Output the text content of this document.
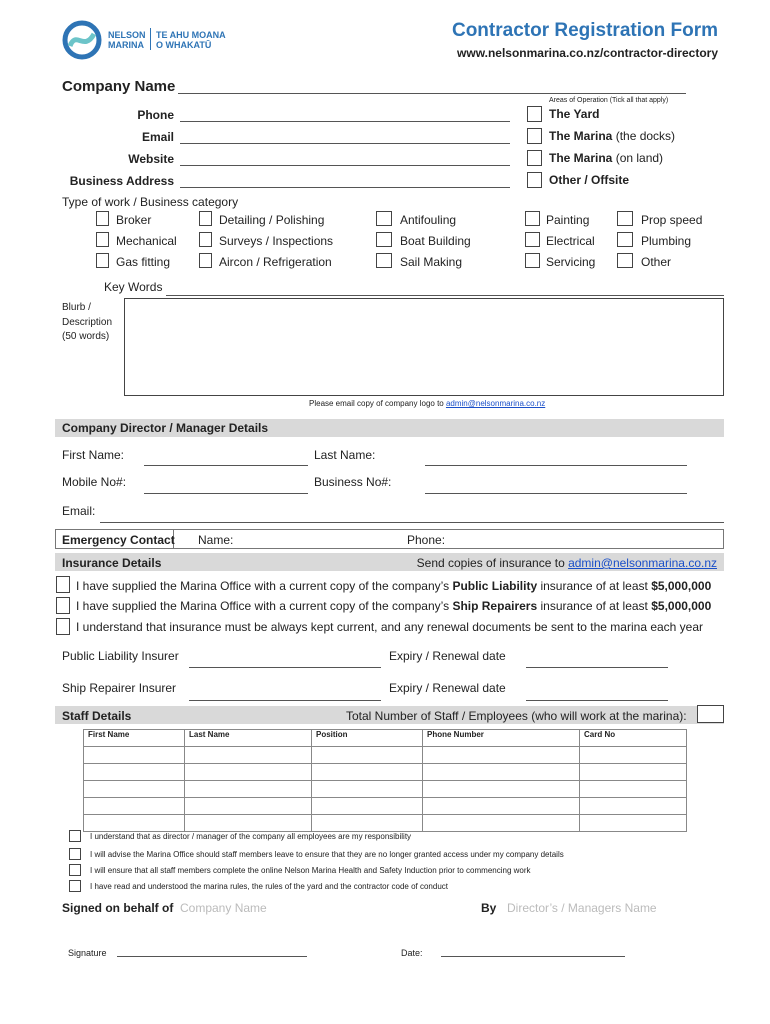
NELSON
MARINA
TE AHU MOANA
O WHAKATŪ
Contractor Registration Form
www.nelsonmarina.co.nz/contractor-directory
Company Name
Areas of Operation (Tick all that apply)
Phone
Email
Website
Business Address
The Yard
The Marina (the docks)
The Marina (on land)
Other / Offsite
Type of work / Business category
Broker	Detailing / Polishing	Antifouling	Painting	Prop speed
Mechanical	Surveys / Inspections	Boat Building	Electrical	Plumbing
Gas fitting	Aircon / Refrigeration	Sail Making	Servicing	Other
Key Words
Blurb /
Description
(50 words)
Please email copy of company logo to admin@nelsonmarina.co.nz
Company Director / Manager Details
First Name:	Last Name:
Mobile No#:	Business No#:
Email:
Emergency Contact Name:	Phone:
Insurance Details	Send copies of insurance to admin@nelsonmarina.co.nz
I have supplied the Marina Office with a current copy of the company’s Public Liability insurance of at least $5,000,000
I have supplied the Marina Office with a current copy of the company’s Ship Repairers insurance of at least $5,000,000
I understand that insurance must be always kept current, and any renewal documents be sent to the marina each year
Public Liability Insurer	Expiry / Renewal date
Ship Repairer Insurer	Expiry / Renewal date
Staff Details	Total Number of Staff / Employees (who will work at the marina):
First Name	Last Name	Position	Phone Number	Card No

I understand that as director / manager of the company all employees are my responsibility
I will advise the Marina Office should staff members leave to ensure that they are no longer granted access under my company details
I will ensure that all staff members complete the online Nelson Marina Health and Safety Induction prior to commencing work
I have read and understood the marina rules, the rules of the yard and the contractor code of conduct
Signed on behalf of Company Name	By Director’s / Managers Name
Signature	Date:
